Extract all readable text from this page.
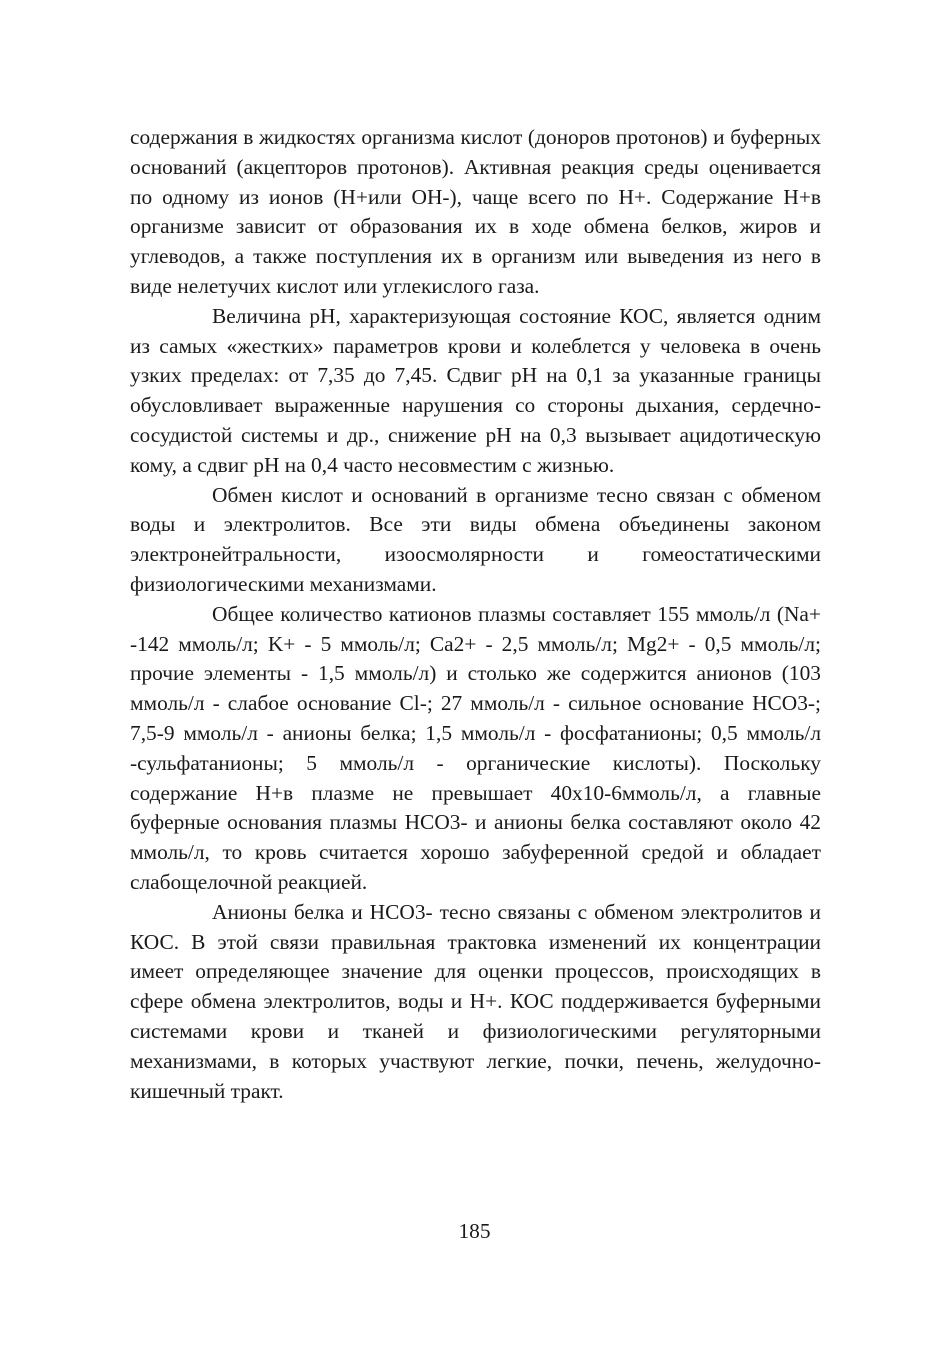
содержания в жидкостях организма кислот (доноров протонов) и буферных оснований (акцепторов протонов). Активная реакция среды оценивается по одному из ионов (Н+или ОН-), чаще всего по Н+. Содержание Н+в организме зависит от образования их в ходе обмена белков, жиров и углеводов, а также поступления их в организм или выведения из него в виде нелетучих кислот или углекислого газа.

Величина рН, характеризующая состояние КОС, является одним из самых «жестких» параметров крови и колеблется у человека в очень узких пределах: от 7,35 до 7,45. Сдвиг рН на 0,1 за указанные границы обусловливает выраженные нарушения со стороны дыхания, сердечно-сосудистой системы и др., снижение рН на 0,3 вызывает ацидотическую кому, а сдвиг рН на 0,4 часто несовместим с жизнью.

Обмен кислот и оснований в организме тесно связан с обменом воды и электролитов. Все эти виды обмена объединены законом электронейтральности, изоосмолярности и гомеостатическими физиологическими механизмами.

Общее количество катионов плазмы составляет 155 ммоль/л (Na+ -142 ммоль/л; K+ - 5 ммоль/л; Ca2+ - 2,5 ммоль/л; Mg2+ - 0,5 ммоль/л; прочие элементы - 1,5 ммоль/л) и столько же содержится анионов (103 ммоль/л - слабое основание Cl-; 27 ммоль/л - сильное основание НСО3-; 7,5-9 ммоль/л - анионы белка; 1,5 ммоль/л - фосфатанионы; 0,5 ммоль/л -сульфатанионы; 5 ммоль/л - органические кислоты). Поскольку содержание Н+в плазме не превышает 40х10-6ммоль/л, а главные буферные основания плазмы НСО3- и анионы белка составляют около 42 ммоль/л, то кровь считается хорошо забуференной средой и обладает слабощелочной реакцией.

Анионы белка и НСО3- тесно связаны с обменом электролитов и КОС. В этой связи правильная трактовка изменений их концентрации имеет определяющее значение для оценки процессов, происходящих в сфере обмена электролитов, воды и Н+. КОС поддерживается буферными системами крови и тканей и физиологическими регуляторными механизмами, в которых участвуют легкие, почки, печень, желудочно-кишечный тракт.

185
